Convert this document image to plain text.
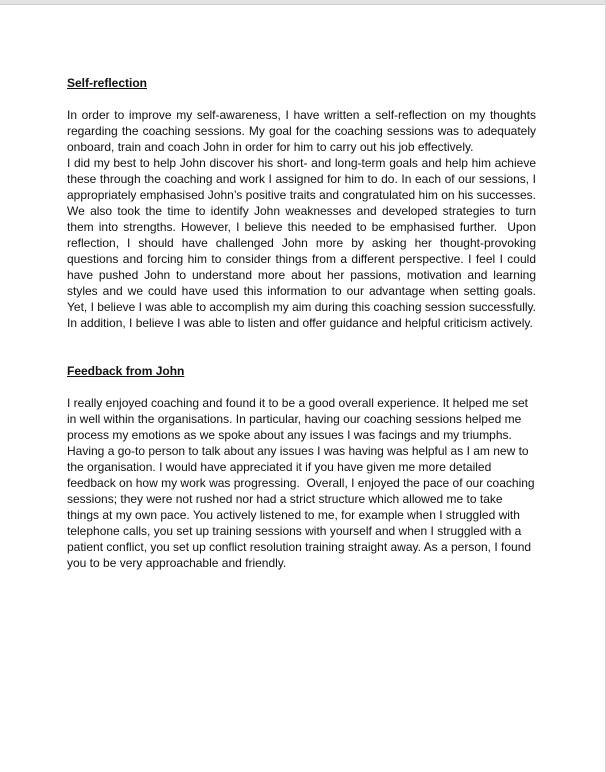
Self-reflection

In order to improve my self-awareness, I have written a self-reflection on my thoughts regarding the coaching sessions. My goal for the coaching sessions was to adequately onboard, train and coach John in order for him to carry out his job effectively.

I did my best to help John discover his short- and long-term goals and help him achieve these through the coaching and work I assigned for him to do. In each of our sessions, I appropriately emphasised John’s positive traits and congratulated him on his successes. We also took the time to identify John weaknesses and developed strategies to turn them into strengths. However, I believe this needed to be emphasised further.  Upon reflection, I should have challenged John more by asking her thought-provoking questions and forcing him to consider things from a different perspective. I feel I could have pushed John to understand more about her passions, motivation and learning styles and we could have used this information to our advantage when setting goals.  Yet, I believe I was able to accomplish my aim during this coaching session successfully. In addition, I believe I was able to listen and offer guidance and helpful criticism actively.

Feedback from John

I really enjoyed coaching and found it to be a good overall experience. It helped me set in well within the organisations. In particular, having our coaching sessions helped me process my emotions as we spoke about any issues I was facings and my triumphs. Having a go-to person to talk about any issues I was having was helpful as I am new to the organisation. I would have appreciated it if you have given me more detailed feedback on how my work was progressing.  Overall, I enjoyed the pace of our coaching sessions; they were not rushed nor had a strict structure which allowed me to take things at my own pace. You actively listened to me, for example when I struggled with telephone calls, you set up training sessions with yourself and when I struggled with a patient conflict, you set up conflict resolution training straight away. As a person, I found you to be very approachable and friendly.
